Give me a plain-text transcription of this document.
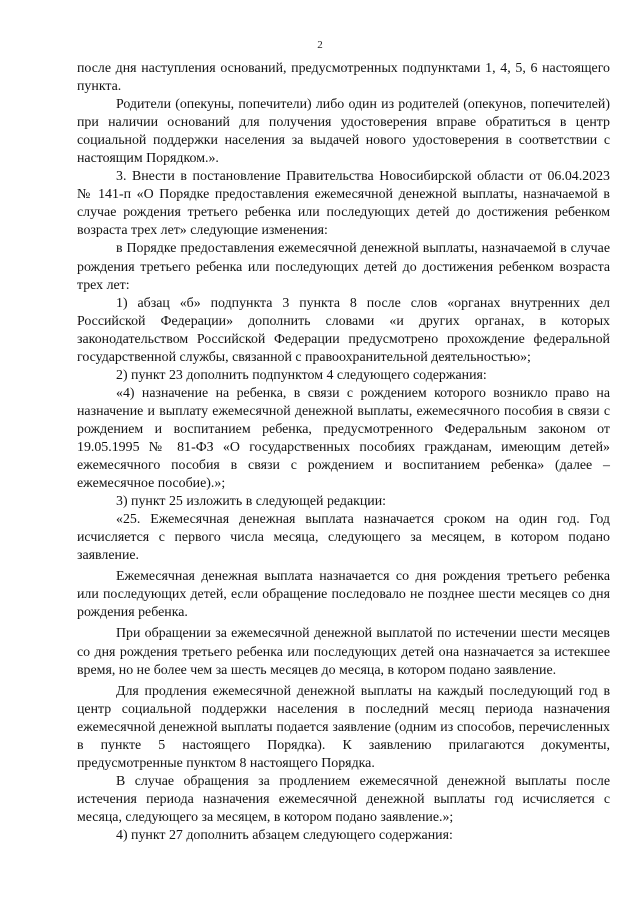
2

после дня наступления оснований, предусмотренных подпунктами 1, 4, 5, 6 настоящего пункта.

Родители (опекуны, попечители) либо один из родителей (опекунов, попечителей) при наличии оснований для получения удостоверения вправе обратиться в центр социальной поддержки населения за выдачей нового удостоверения в соответствии с настоящим Порядком.».

3. Внести в постановление Правительства Новосибирской области от 06.04.2023 № 141-п «О Порядке предоставления ежемесячной денежной выплаты, назначаемой в случае рождения третьего ребенка или последующих детей до достижения ребенком возраста трех лет» следующие изменения:

в Порядке предоставления ежемесячной денежной выплаты, назначаемой в случае рождения третьего ребенка или последующих детей до достижения ребенком возраста трех лет:

1) абзац «б» подпункта 3 пункта 8 после слов «органах внутренних дел Российской Федерации» дополнить словами «и других органах, в которых законодательством Российской Федерации предусмотрено прохождение федеральной государственной службы, связанной с правоохранительной деятельностью»;

2) пункт 23 дополнить подпунктом 4 следующего содержания:

«4) назначение на ребенка, в связи с рождением которого возникло право на назначение и выплату ежемесячной денежной выплаты, ежемесячного пособия в связи с рождением и воспитанием ребенка, предусмотренного Федеральным законом от 19.05.1995 № 81-ФЗ «О государственных пособиях гражданам, имеющим детей» ежемесячного пособия в связи с рождением и воспитанием ребенка» (далее – ежемесячное пособие).»;

3) пункт 25 изложить в следующей редакции:

«25. Ежемесячная денежная выплата назначается сроком на один год. Год исчисляется с первого числа месяца, следующего за месяцем, в котором подано заявление.

Ежемесячная денежная выплата назначается со дня рождения третьего ребенка или последующих детей, если обращение последовало не позднее шести месяцев со дня рождения ребенка.

При обращении за ежемесячной денежной выплатой по истечении шести месяцев со дня рождения третьего ребенка или последующих детей она назначается за истекшее время, но не более чем за шесть месяцев до месяца, в котором подано заявление.

Для продления ежемесячной денежной выплаты на каждый последующий год в центр социальной поддержки населения в последний месяц периода назначения ежемесячной денежной выплаты подается заявление (одним из способов, перечисленных в пункте 5 настоящего Порядка). К заявлению прилагаются документы, предусмотренные пунктом 8 настоящего Порядка.

В случае обращения за продлением ежемесячной денежной выплаты после истечения периода назначения ежемесячной денежной выплаты год исчисляется с месяца, следующего за месяцем, в котором подано заявление.»;

4) пункт 27 дополнить абзацем следующего содержания:
